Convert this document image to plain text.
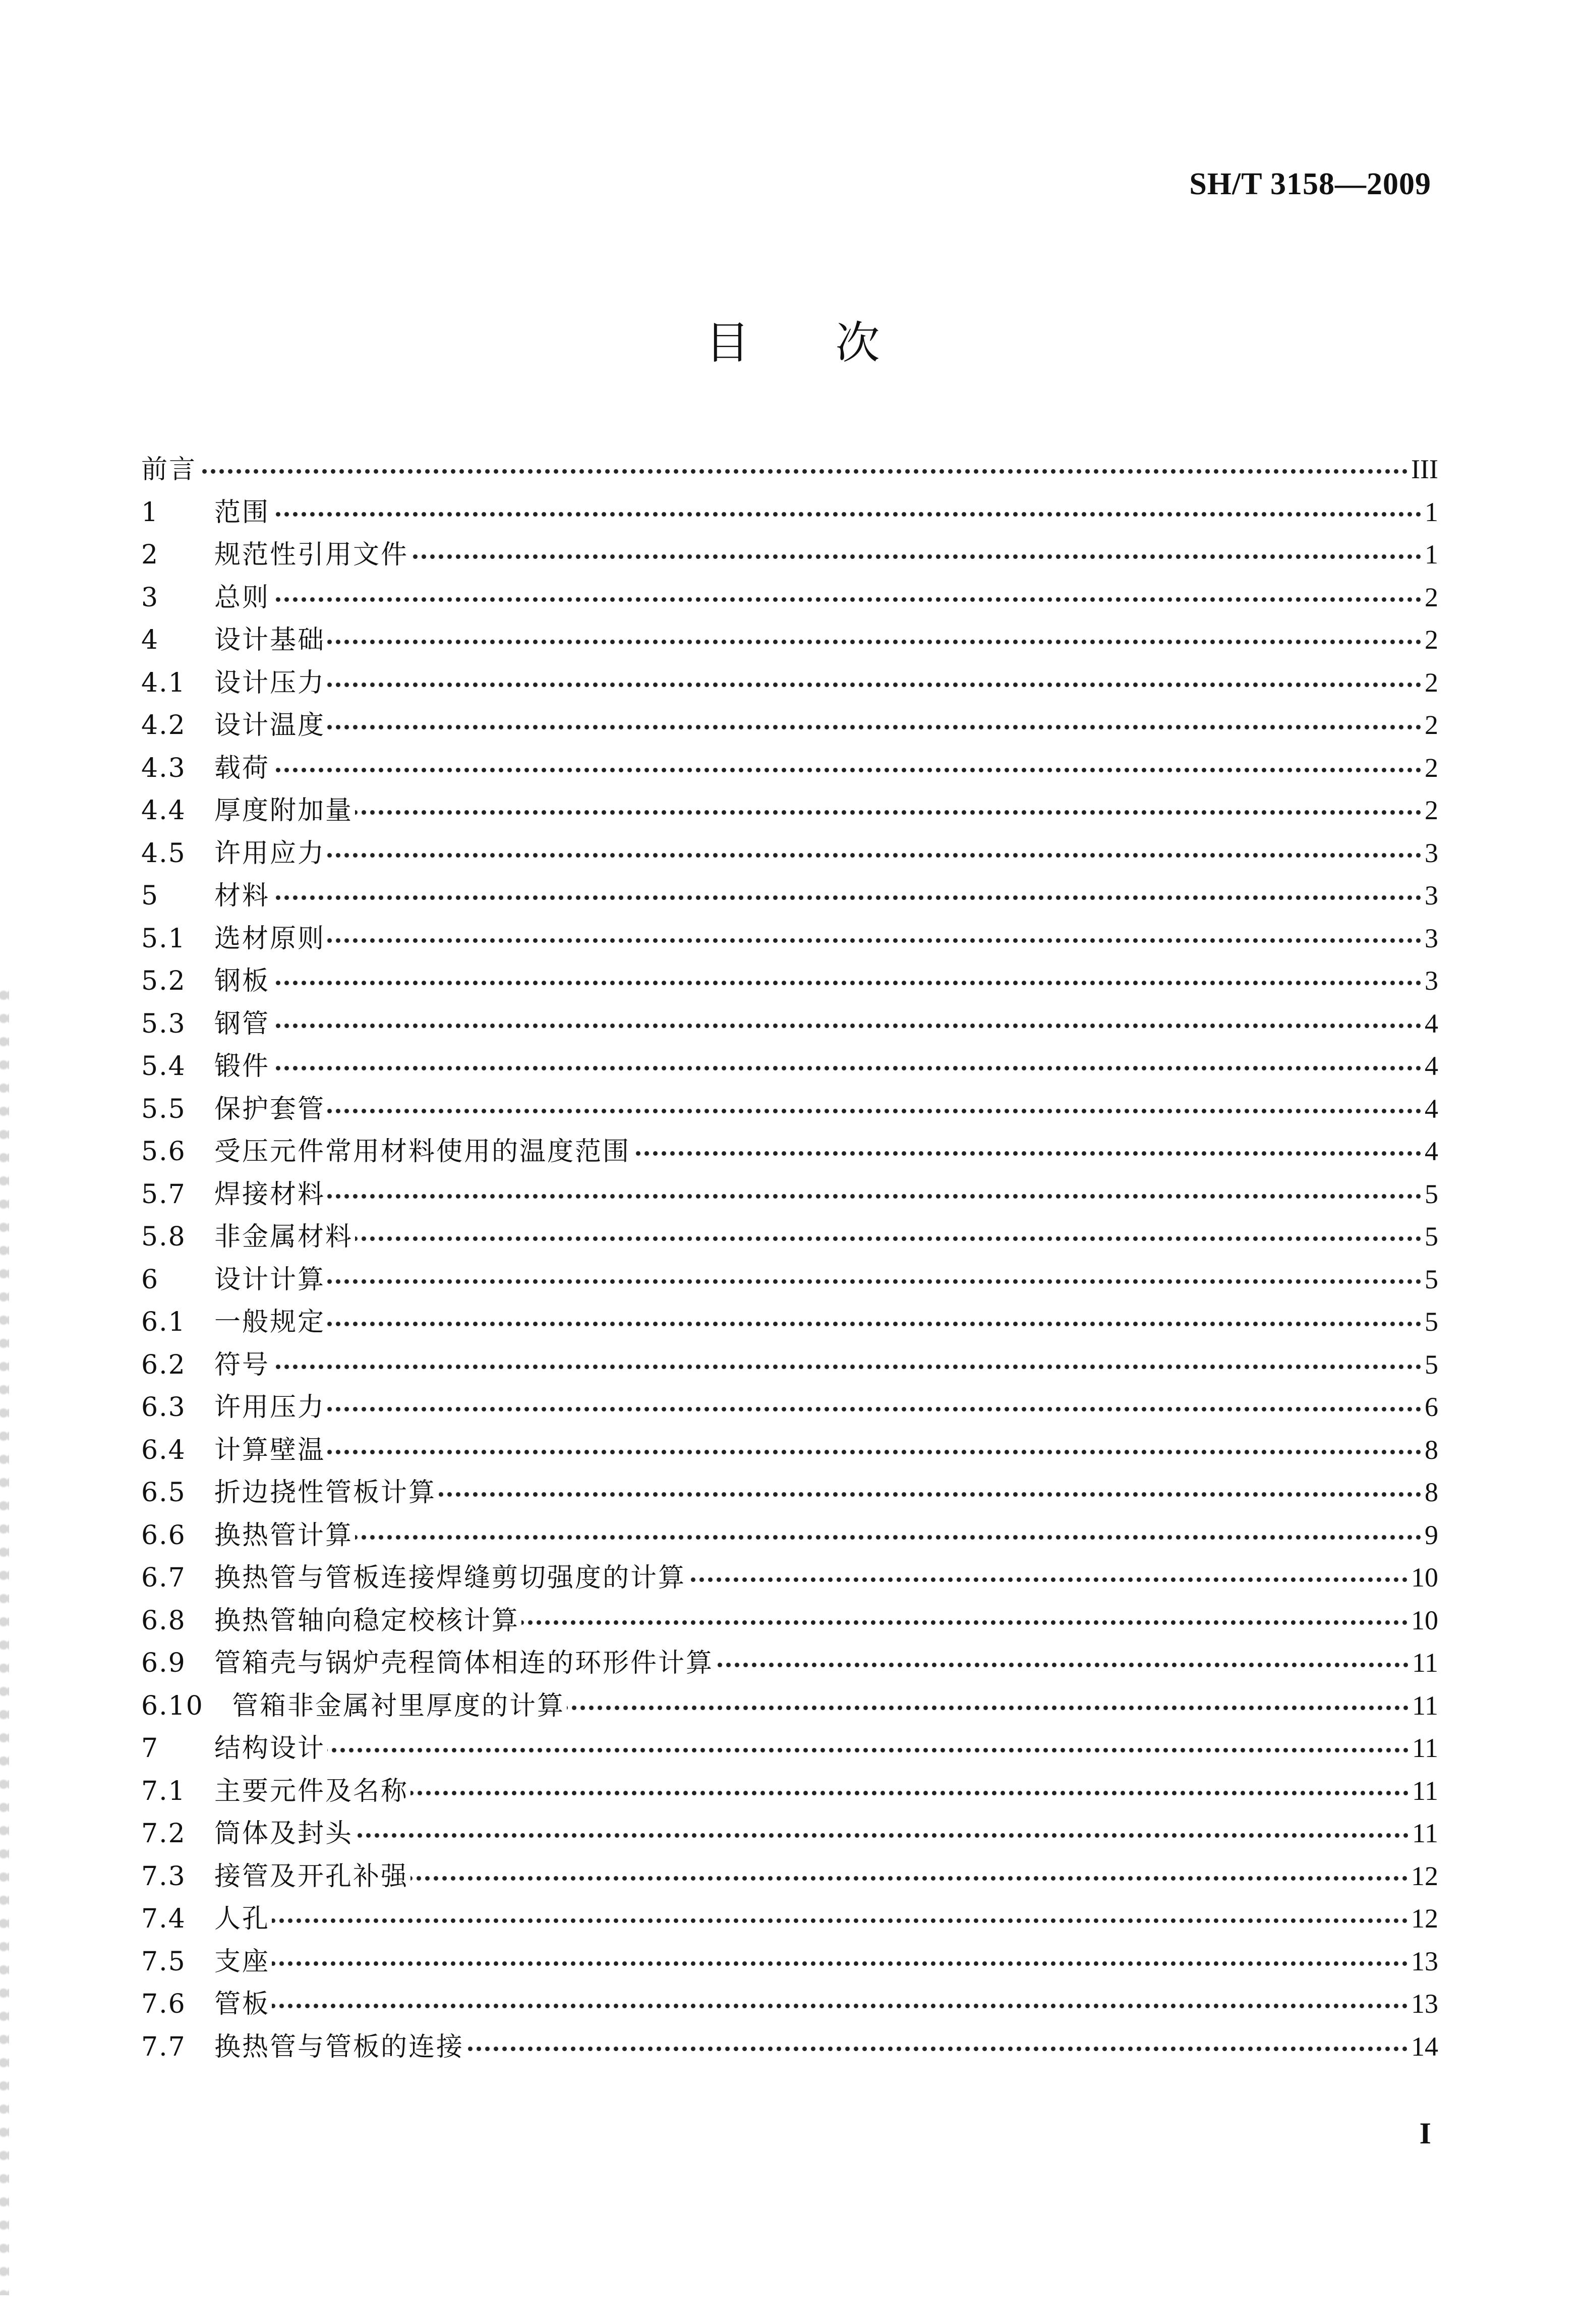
SH/T 3158—2009
目次
前言	III
1	范围	1
2	规范性引用文件	1
3	总则	2
4	设计基础	2
4.1	设计压力	2
4.2	设计温度	2
4.3	载荷	2
4.4	厚度附加量	2
4.5	许用应力	3
5	材料	3
5.1	选材原则	3
5.2	钢板	3
5.3	钢管	4
5.4	锻件	4
5.5	保护套管	4
5.6	受压元件常用材料使用的温度范围	4
5.7	焊接材料	5
5.8	非金属材料	5
6	设计计算	5
6.1	一般规定	5
6.2	符号	5
6.3	许用压力	6
6.4	计算壁温	8
6.5	折边挠性管板计算	8
6.6	换热管计算	9
6.7	换热管与管板连接焊缝剪切强度的计算	10
6.8	换热管轴向稳定校核计算	10
6.9	管箱壳与锅炉壳程筒体相连的环形件计算	11
6.10	管箱非金属衬里厚度的计算	11
7	结构设计	11
7.1	主要元件及名称	11
7.2	筒体及封头	11
7.3	接管及开孔补强	12
7.4	人孔	12
7.5	支座	13
7.6	管板	13
7.7	换热管与管板的连接	14
I
